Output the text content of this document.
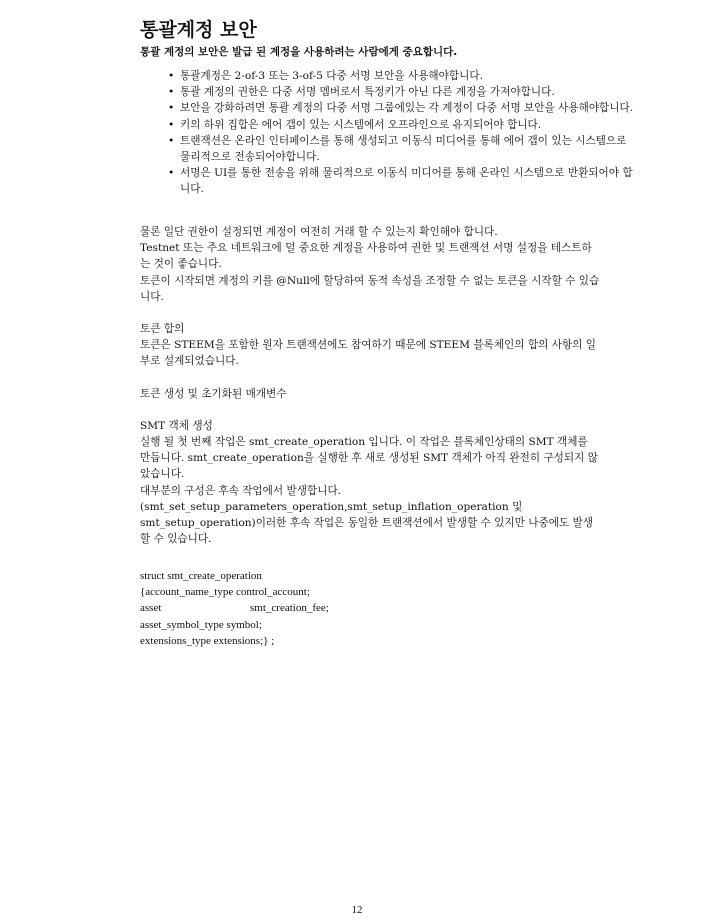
통괄계정 보안

통괄 계정의 보안은 발급 된 계정을 사용하려는 사람에게 중요합니다.

• 통괄계정은 2-of-3 또는 3-of-5 다중 서명 보안을 사용해야합니다.
• 통괄 계정의 권한은 다중 서명 멤버로서 특정키가 아닌 다른 계정을 가져야합니다.
• 보안을 강화하려면 통괄 계정의 다중 서명 그룹에있는 각 계정이 다중 서명 보안을 사용해야합니다.
• 키의 하위 집합은 에어 갭이 있는 시스템에서 오프라인으로 유지되어야 합니다.
• 트랜잭션은 온라인 인터페이스를 통해 생성되고 이동식 미디어를 통해 에어 갭이 있는 시스템으로 물리적으로 전송되어야합니다.
• 서명은 UI를 통한 전송을 위해 물리적으로 이동식 미디어를 통해 온라인 시스템으로 반환되어야 합니다.

물론 일단 권한이 설정되면 계정이 여전히 거래 할 수 있는지 확인해야 합니다.

Testnet 또는 주요 네트워크에 덜 중요한 계정을 사용하여 권한 및 트랜잭션 서명 설정을 테스트하는 것이 좋습니다.

토큰이 시작되면 계정의 키를 @Null에 할당하여 동적 속성을 조정할 수 없는 토큰을 시작할 수 있습니다.

토큰 합의

토큰은 STEEM을 포함한 원자 트랜잭션에도 참여하기 때문에 STEEM 블록체인의 합의 사항의 일부로 설계되었습니다.

토큰 생성 및 초기화된 매개변수

SMT 객체 생성

실행 될 첫 번째 작업은 smt_create_operation 입니다. 이 작업은 블록체인상태의 SMT 객체를 만듭니다. smt_create_operation을 실행한 후 새로 생성된 SMT 객체가 아직 완전히 구성되지 않았습니다.

대부분의 구성은 후속 작업에서 발생합니다.

(smt_set_setup_parameters_operation,smt_setup_inflation_operation 및 smt_setup_operation)이러한 후속 작업은 동일한 트랜잭션에서 발생할 수 있지만 나중에도 발생할 수 있습니다.

struct smt_create_operation
{account_name_type control_account;
asset	smt_creation_fee;
asset_symbol_type symbol;
extensions_type extensions;} ;
12
